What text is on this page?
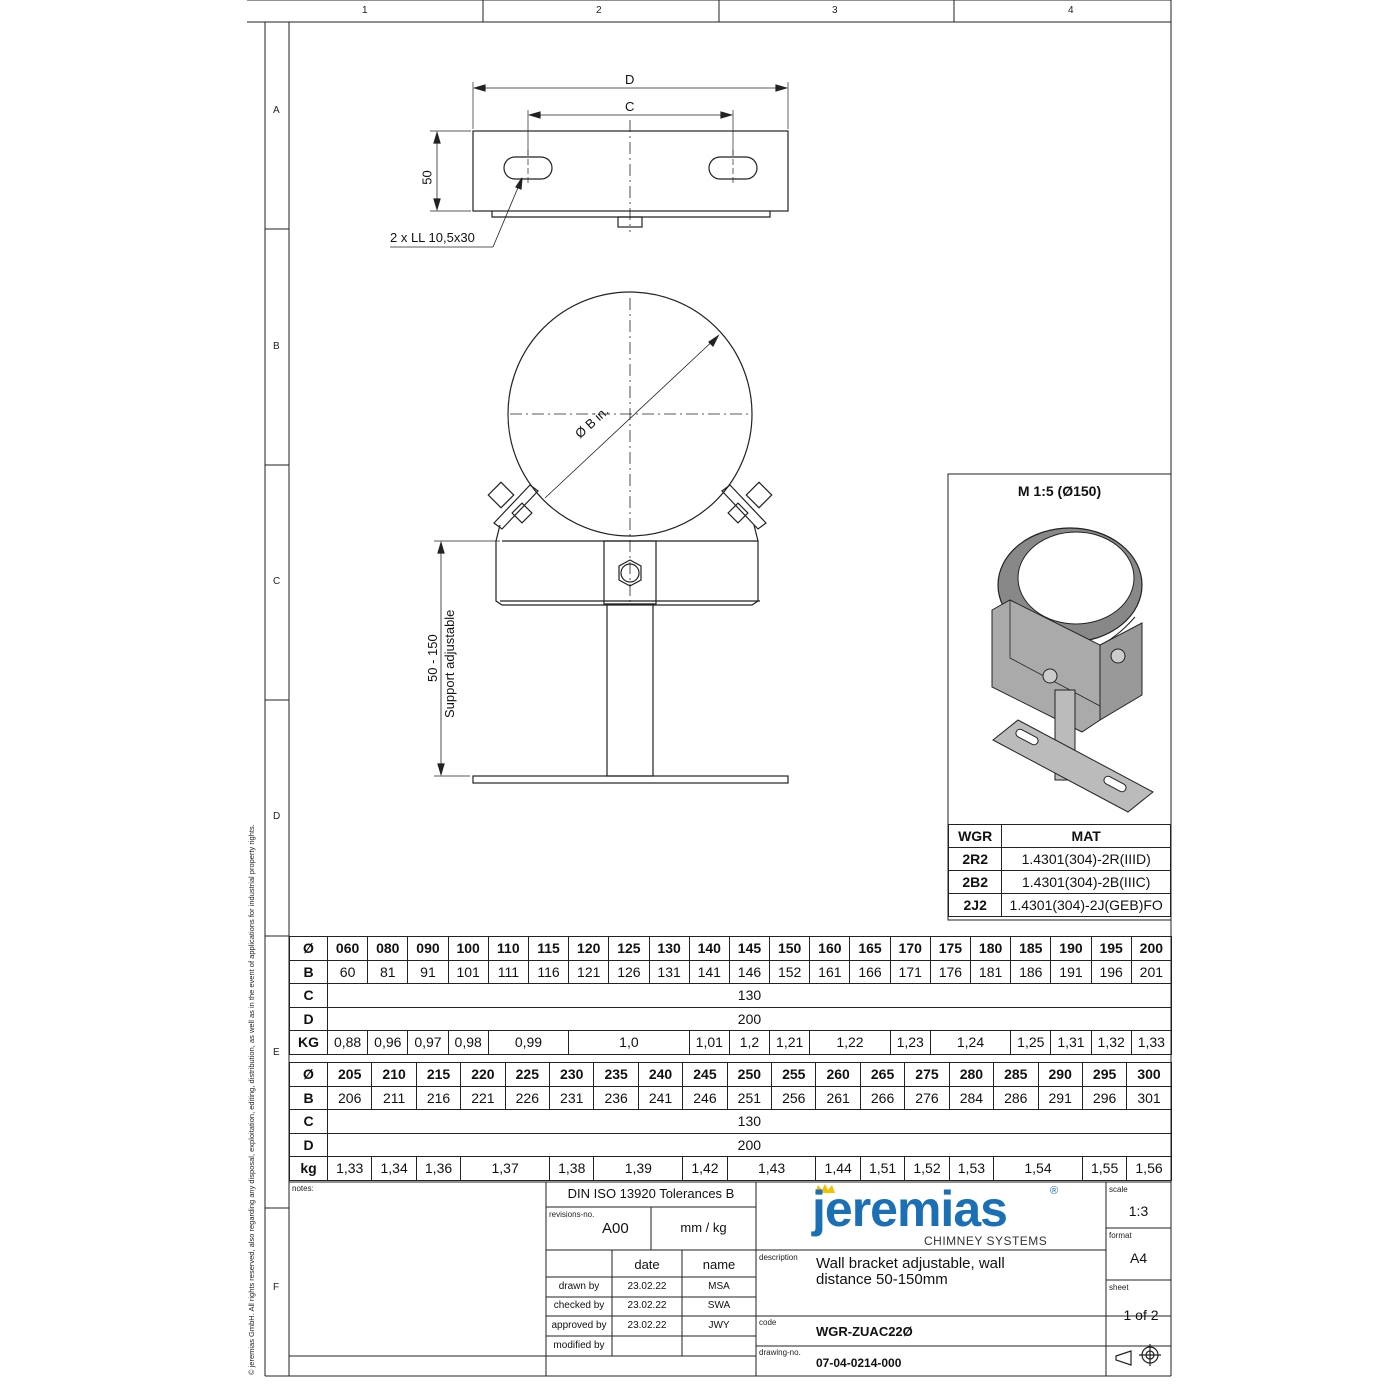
1	2	3	4
A
B
C
D
E
F
© jeremias GmbH. All rights reserved, also regarding any disposal, exploitation, editing, distribution, as well as in the event of applications for industrial property rights.
D
C
50
2 x LL 10,5x30
Ø B in.
50 - 150 Support adjustable
M 1:5 (Ø150)
WGR	MAT
2R2	1.4301(304)-2R(IIID)
2B2	1.4301(304)-2B(IIIC)
2J2	1.4301(304)-2J(GEB)FO
Ø	060	080	090	100	110	115	120	125	130	140	145	150	160	165	170	175	180	185	190	195	200
B	60	81	91	101	111	116	121	126	131	141	146	152	161	166	171	176	181	186	191	196	201
C	130																				
D	200																				
KG	0,88	0,96	0,97	0,98	0,99		1,0			1,01	1,2	1,21	1,22		1,23	1,24		1,25	1,31	1,32	1,33
Ø	205	210	215	220	225	230	235	240	245	250	255	260	265	275	280	285	290	295	300
B	206	211	216	221	226	231	236	241	246	251	256	261	266	276	284	286	291	296	301
C	130																		
D	200																		
kg	1,33	1,34	1,36	1,37		1,38	1,39		1,42	1,43		1,44	1,51	1,52	1,53	1,54		1,55	1,56
notes:	DIN ISO 13920 Tolerances B
revisions-no.
A00	mm / kg
date	name
drawn by	23.02.22	MSA
checked by	23.02.22	SWA
approved by	23.02.22	JWY
modified by
jeremias	®
CHIMNEY SYSTEMS
description Wall bracket adjustable, wall distance 50-150mm
code
WGR-ZUAC22Ø
drawing-no.
07-04-0214-000
scale
1:3
format
A4
sheet
1 of 2
